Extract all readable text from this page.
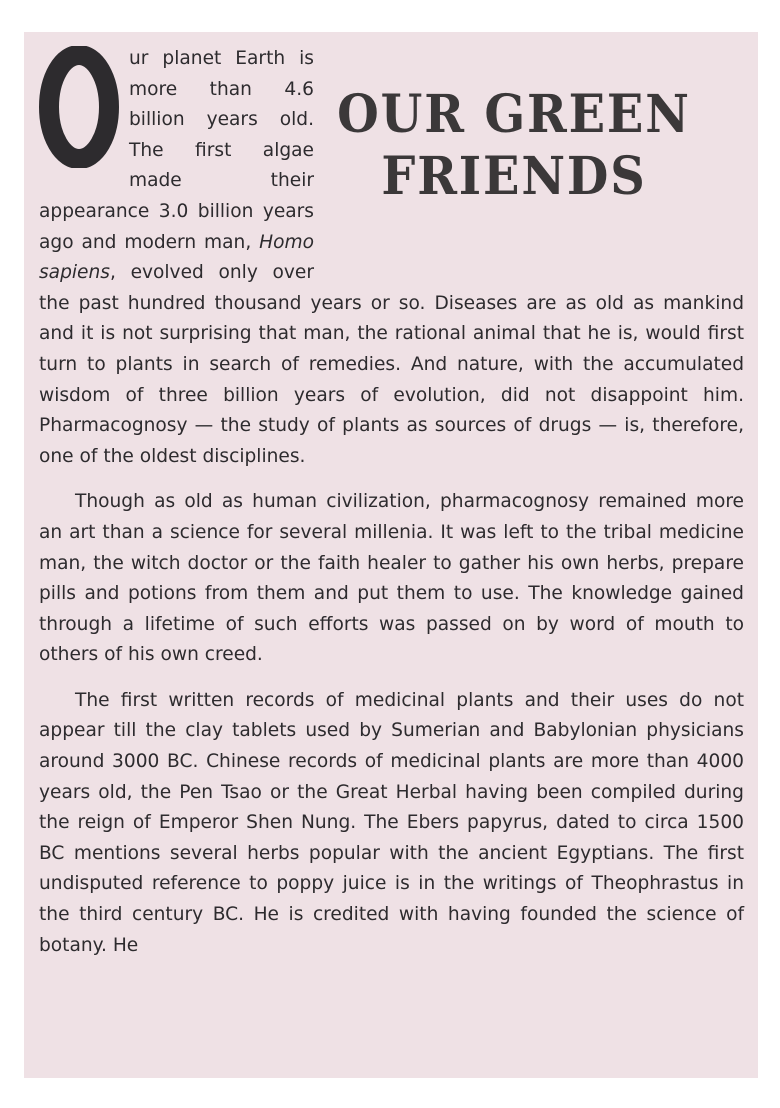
O	OUR GREEN
FRIENDS

ur planet Earth is more than 4.6 billion years old. The first algae made their appearance 3.0 billion years ago and modern man, Homo sapiens, evolved only over the past hundred thousand years or so. Diseases are as old as mankind and it is not surprising that man, the rational animal that he is, would first turn to plants in search of remedies. And nature, with the accumulated wisdom of three billion years of evolution, did not disappoint him. Pharmacognosy — the study of plants as sources of drugs — is, therefore, one of the oldest disciplines.

Though as old as human civilization, pharmacognosy remained more an art than a science for several millenia. It was left to the tribal medicine man, the witch doctor or the faith healer to gather his own herbs, prepare pills and potions from them and put them to use. The knowledge gained through a lifetime of such efforts was passed on by word of mouth to others of his own creed.

The first written records of medicinal plants and their uses do not appear till the clay tablets used by Sumerian and Babylonian physicians around 3000 BC. Chinese records of medicinal plants are more than 4000 years old, the Pen Tsao or the Great Herbal having been compiled during the reign of Emperor Shen Nung. The Ebers papyrus, dated to circa 1500 BC mentions several herbs popular with the ancient Egyptians. The first undisputed reference to poppy juice is in the writings of Theophrastus in the third century BC. He is credited with having founded the science of botany. He
